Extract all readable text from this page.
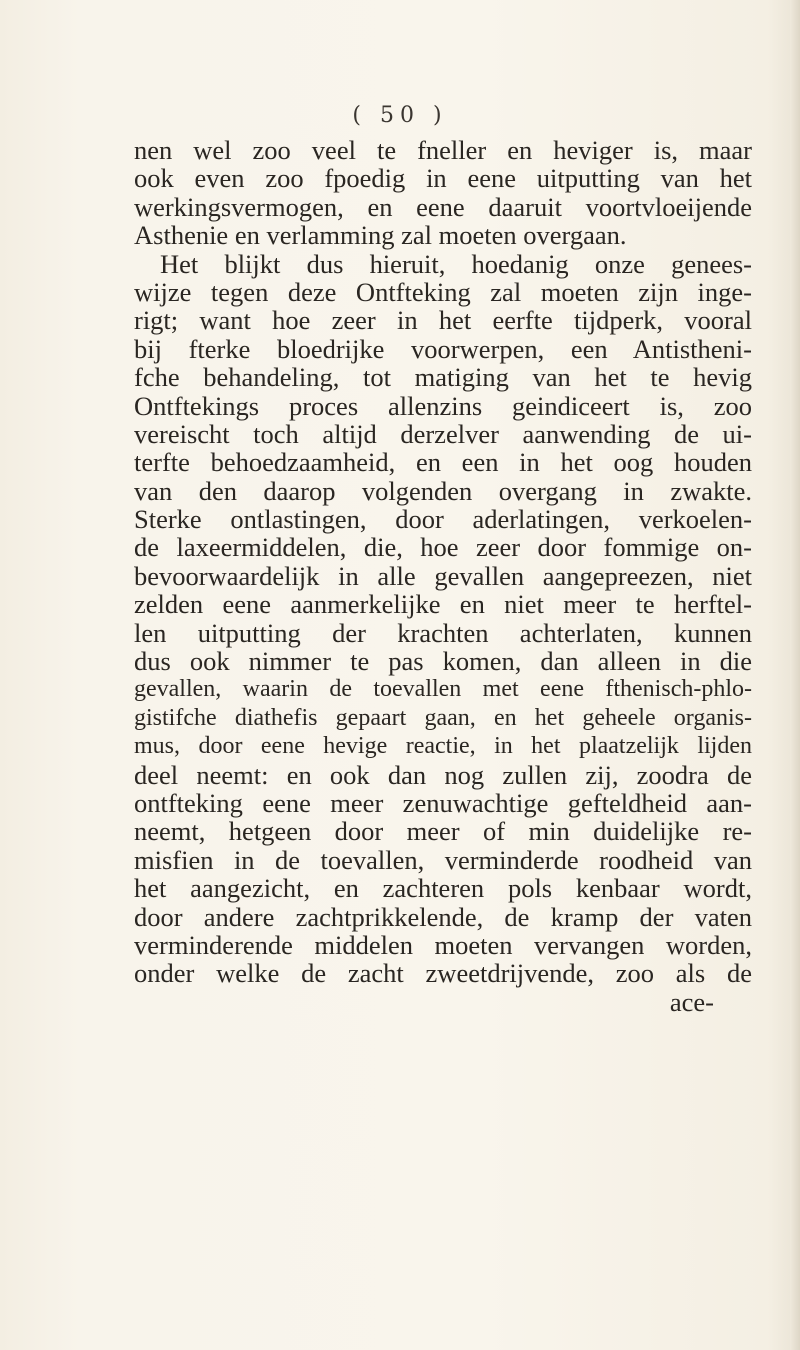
( 50 )
nen wel zoo veel te fneller en heviger is, maar
ook even zoo fpoedig in eene uitputting van het
werkingsvermogen, en eene daaruit voortvloeijende
Asthenie en verlamming zal moeten overgaan.
Het blijkt dus hieruit, hoedanig onze genees-
wijze tegen deze Ontfteking zal moeten zijn inge-
rigt; want hoe zeer in het eerfte tijdperk, vooral
bij fterke bloedrijke voorwerpen, een Antistheni-
fche behandeling, tot matiging van het te hevig
Ontftekings proces allenzins geindiceert is, zoo
vereischt toch altijd derzelver aanwending de ui-
terfte behoedzaamheid, en een in het oog houden
van den daarop volgenden overgang in zwakte.
Sterke ontlastingen, door aderlatingen, verkoelen-
de laxeermiddelen, die, hoe zeer door fommige on-
bevoorwaardelijk in alle gevallen aangepreezen, niet
zelden eene aanmerkelijke en niet meer te herftel-
len uitputting der krachten achterlaten, kunnen
dus ook nimmer te pas komen, dan alleen in die
gevallen, waarin de toevallen met eene fthenisch-phlo-
gistifche diathefis gepaart gaan, en het geheele organis-
mus, door eene hevige reactie, in het plaatzelijk lijden
deel neemt: en ook dan nog zullen zij, zoodra de
ontfteking eene meer zenuwachtige gefteldheid aan-
neemt, hetgeen door meer of min duidelijke re-
misfien in de toevallen, verminderde roodheid van
het aangezicht, en zachteren pols kenbaar wordt,
door andere zachtprikkelende, de kramp der vaten
verminderende middelen moeten vervangen worden,
onder welke de zacht zweetdrijvende, zoo als de
ace-
